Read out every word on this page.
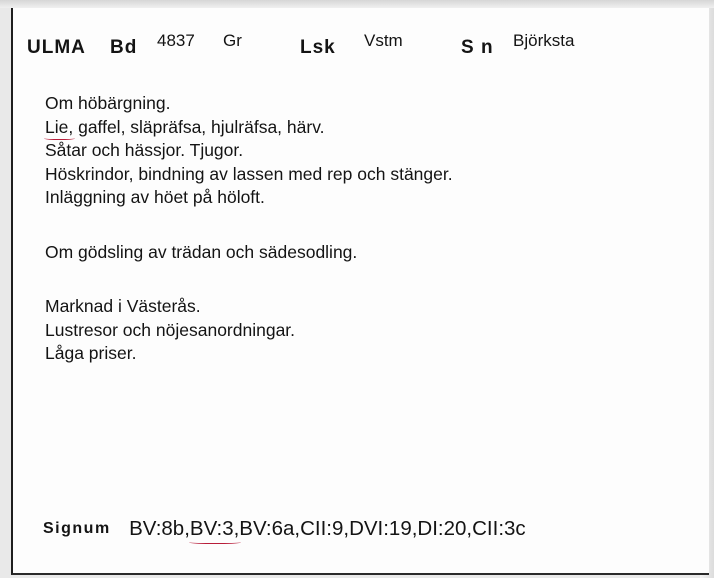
ULMA Bd 4837 Gr	Lsk Vstm	S n Björksta
Om höbärgning.
Lie,
gaffel, släpräfsa, hjulräfsa, härv.
Såtar och hässjor. Tjugor.
Höskrindor, bindning av lassen med rep och stänger.
Inläggning av höet på höloft.
Om gödsling av trädan och sädesodling.
Marknad i Västerås.
Lustresor och nöjesanordningar.
Låga priser.
Signum BV:8b,BV:3,
BV:6a,CII:9,DVI:19,DI:20,CII:3c
